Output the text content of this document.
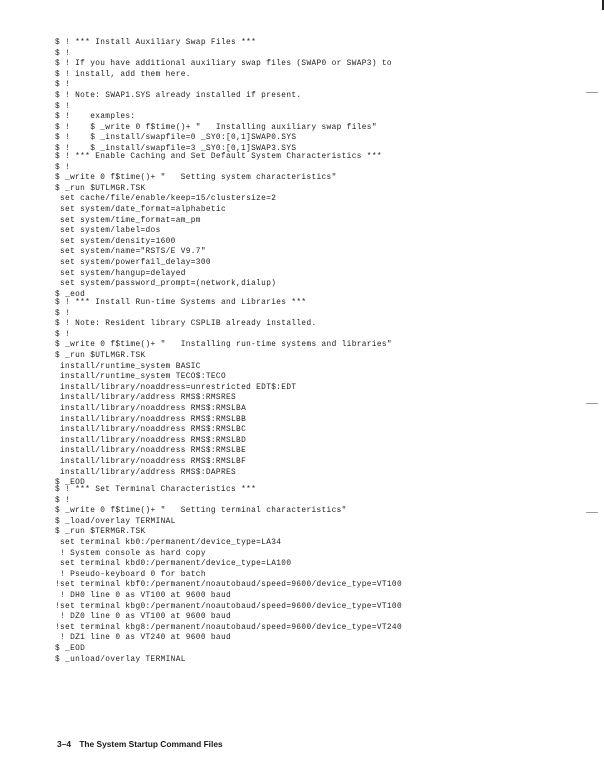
$ ! *** Install Auxiliary Swap Files ***
$ !
$ ! If you have additional auxiliary swap files (SWAP0 or SWAP3) to
$ ! install, add them here.
$ !
$ ! Note: SWAP1.SYS already installed if present.
$ !
$ !    examples:
$ !    $ _write 0 f$time()+ "   Installing auxiliary swap files"
$ !    $ _install/swapfile=0 _SY0:[0,1]SWAP0.SYS
$ !    $ _install/swapfile=3 _SY0:[0,1]SWAP3.SYS
$ ! *** Enable Caching and Set Default System Characteristics ***
$ !
$ _write 0 f$time()+ "   Setting system characteristics"
$ _run $UTLMGR.TSK
set cache/file/enable/keep=15/clustersize=2
set system/date_format=alphabetic
set system/time_format=am_pm
set system/label=dos
set system/density=1600
set system/name="RSTS/E V9.7"
set system/powerfail_delay=300
set system/hangup=delayed
set system/password_prompt=(network,dialup)
$ _eod
$ ! *** Install Run-time Systems and Libraries ***
$ !
$ ! Note: Resident library CSPLIB already installed.
$ !
$ _write 0 f$time()+ "   Installing run-time systems and libraries"
$ _run $UTLMGR.TSK
install/runtime_system BASIC
install/runtime_system TECO$:TECO
install/library/noaddress=unrestricted EDT$:EDT
install/library/address RMS$:RMSRES
install/library/noaddress RMS$:RMSLBA
install/library/noaddress RMS$:RMSLBB
install/library/noaddress RMS$:RMSLBC
install/library/noaddress RMS$:RMSLBD
install/library/noaddress RMS$:RMSLBE
install/library/noaddress RMS$:RMSLBF
install/library/address RMS$:DAPRES
$ _EOD
$ ! *** Set Terminal Characteristics ***
$ !
$ _write 0 f$time()+ "   Setting terminal characteristics"
$ _load/overlay TERMINAL
$ _run $TERMGR.TSK
set terminal kb0:/permanent/device_type=LA34
! System console as hard copy
set terminal kbd0:/permanent/device_type=LA100
! Pseudo-keyboard 0 for batch
!set terminal kbf0:/permanent/noautobaud/speed=9600/device_type=VT100
! DH0 line 0 as VT100 at 9600 baud
!set terminal kbg0:/permanent/noautobaud/speed=9600/device_type=VT100
! DZ0 line 0 as VT100 at 9600 baud
!set terminal kbg8:/permanent/noautobaud/speed=9600/device_type=VT240
! DZ1 line 0 as VT240 at 9600 baud
$ _EOD
$ _unload/overlay TERMINAL
3–4 The System Startup Command Files
